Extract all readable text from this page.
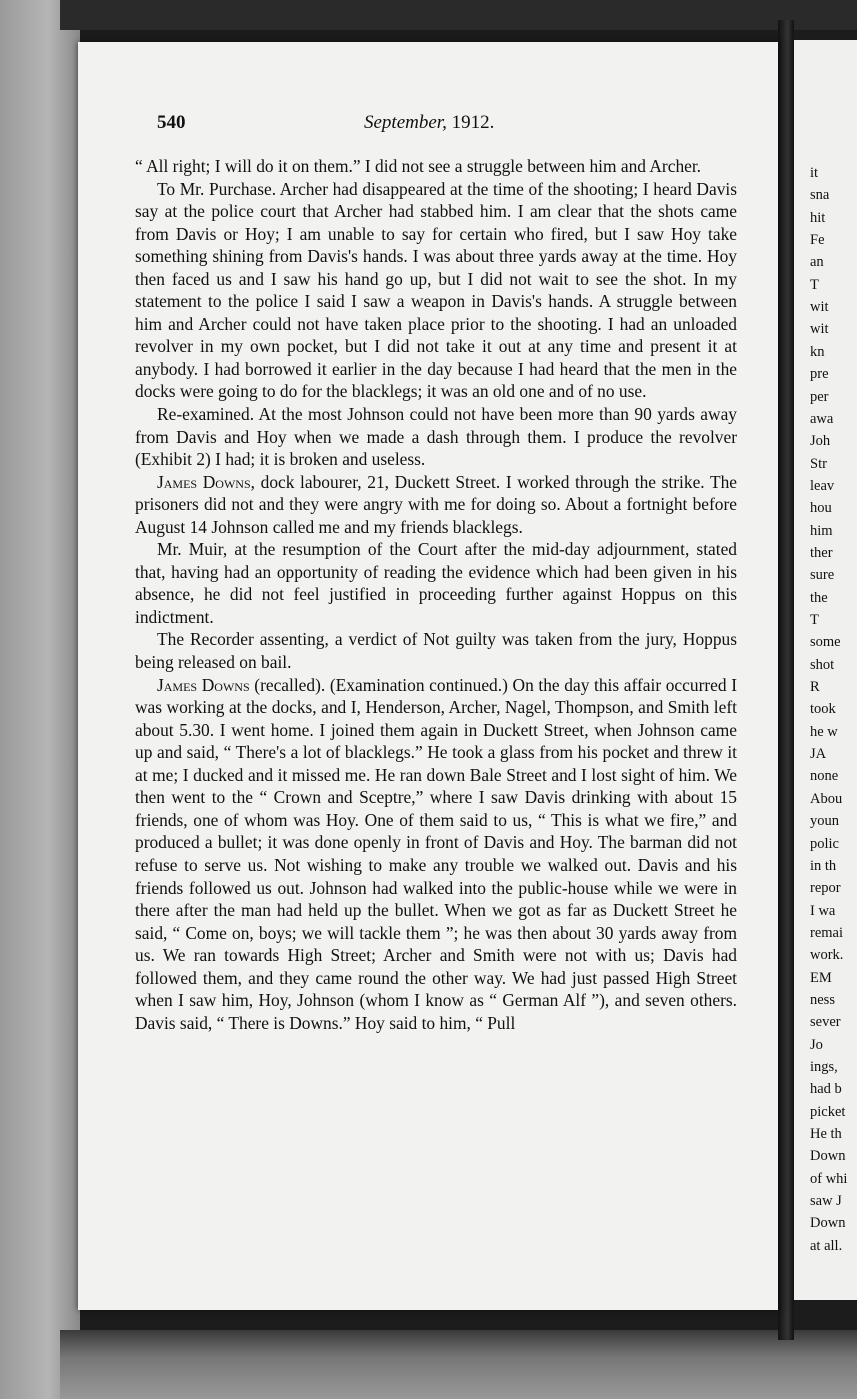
540	September, 1912.

“ All right; I will do it on them.” I did not see a struggle between him and Archer.

To Mr. Purchase. Archer had disappeared at the time of the shooting; I heard Davis say at the police court that Archer had stabbed him. I am clear that the shots came from Davis or Hoy; I am unable to say for certain who fired, but I saw Hoy take something shining from Davis's hands. I was about three yards away at the time. Hoy then faced us and I saw his hand go up, but I did not wait to see the shot. In my statement to the police I said I saw a weapon in Davis's hands. A struggle between him and Archer could not have taken place prior to the shooting. I had an unloaded revolver in my own pocket, but I did not take it out at any time and present it at anybody. I had borrowed it earlier in the day because I had heard that the men in the docks were going to do for the blacklegs; it was an old one and of no use.

Re-examined. At the most Johnson could not have been more than 90 yards away from Davis and Hoy when we made a dash through them. I produce the revolver (Exhibit 2) I had; it is broken and useless.

James Downs, dock labourer, 21, Duckett Street. I worked through the strike. The prisoners did not and they were angry with me for doing so. About a fortnight before August 14 Johnson called me and my friends blacklegs.

Mr. Muir, at the resumption of the Court after the mid-day adjournment, stated that, having had an opportunity of reading the evidence which had been given in his absence, he did not feel justified in proceeding further against Hoppus on this indictment.

The Recorder assenting, a verdict of Not guilty was taken from the jury, Hoppus being released on bail.

James Downs (recalled). (Examination continued.) On the day this affair occurred I was working at the docks, and I, Henderson, Archer, Nagel, Thompson, and Smith left about 5.30. I went home. I joined them again in Duckett Street, when Johnson came up and said, “ There's a lot of blacklegs.” He took a glass from his pocket and threw it at me; I ducked and it missed me. He ran down Bale Street and I lost sight of him. We then went to the “ Crown and Sceptre,” where I saw Davis drinking with about 15 friends, one of whom was Hoy. One of them said to us, “ This is what we fire,” and produced a bullet; it was done openly in front of Davis and Hoy. The barman did not refuse to serve us. Not wishing to make any trouble we walked out. Davis and his friends followed us out. Johnson had walked into the public-house while we were in there after the man had held up the bullet. When we got as far as Duckett Street he said, “ Come on, boys; we will tackle them ”; he was then about 30 yards away from us. We ran towards High Street; Archer and Smith were not with us; Davis had followed them, and they came round the other way. We had just passed High Street when I saw him, Hoy, Johnson (whom I know as “ German Alf ”), and seven others. Davis said, “ There is Downs.” Hoy said to him, “ Pull

it
sna
hit
Fe
an
T
wit
wit
kn
pre
per
awa
Joh
Str
leav
hou
him
ther
sure
the
T
some
shot
R
took
he w
JA
none
Abou
youn
polic
in th
repor
I wa
remai
work.
EM
ness
sever
Jo
ings,
had b
picket
He th
Down
of whi
saw J
Down
at all.
